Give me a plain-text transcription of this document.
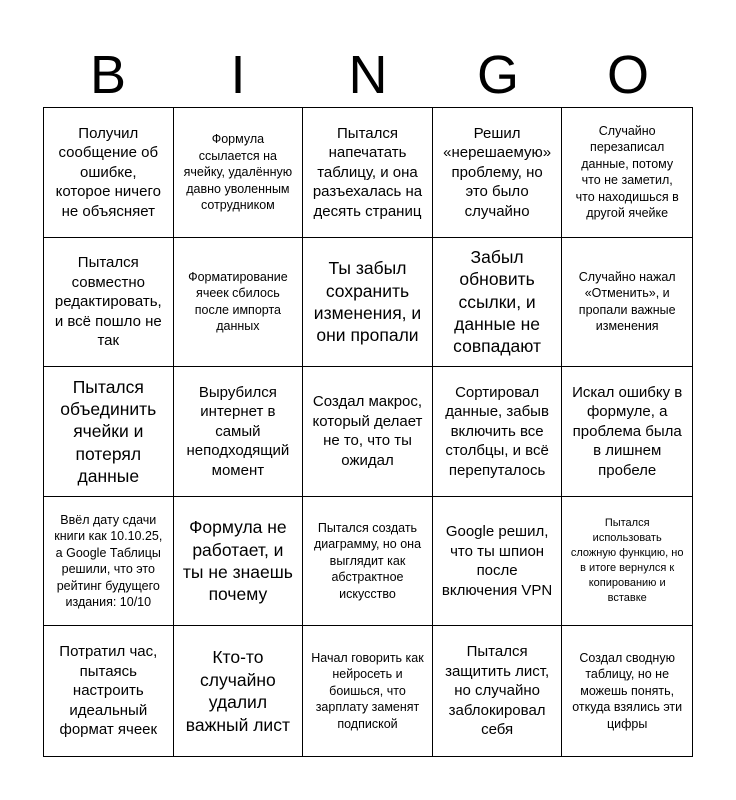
B	I	N	G	O
Получил сообщение об ошибке, которое ничего не объясняет
Формула ссылается на ячейку, удалённую давно уволенным сотрудником
Пытался напечатать таблицу, и она разъехалась на десять страниц
Решил «нерешаемую» проблему, но это было случайно
Случайно перезаписал данные, потому что не заметил, что находишься в другой ячейке
Пытался совместно редактировать, и всё пошло не так
Форматирование ячеек сбилось после импорта данных
Ты забыл сохранить изменения, и они пропали
Забыл обновить ссылки, и данные не совпадают
Случайно нажал «Отменить», и пропали важные изменения
Пытался объединить ячейки и потерял данные
Вырубился интернет в самый неподходящий момент
Создал макрос, который делает не то, что ты ожидал
Сортировал данные, забыв включить все столбцы, и всё перепуталось
Искал ошибку в формуле, а проблема была в лишнем пробеле
Ввёл дату сдачи книги как 10.10.25, а Google Таблицы решили, что это рейтинг будущего издания: 10/10
Формула не работает, и ты не знаешь почему
Пытался создать диаграмму, но она выглядит как абстрактное искусство
Google решил, что ты шпион после включения VPN
Пытался использовать сложную функцию, но в итоге вернулся к копированию и вставке
Потратил час, пытаясь настроить идеальный формат ячеек
Кто-то случайно удалил важный лист
Начал говорить как нейросеть и боишься, что зарплату заменят подпиской
Пытался защитить лист, но случайно заблокировал себя
Создал сводную таблицу, но не можешь понять, откуда взялись эти цифры
